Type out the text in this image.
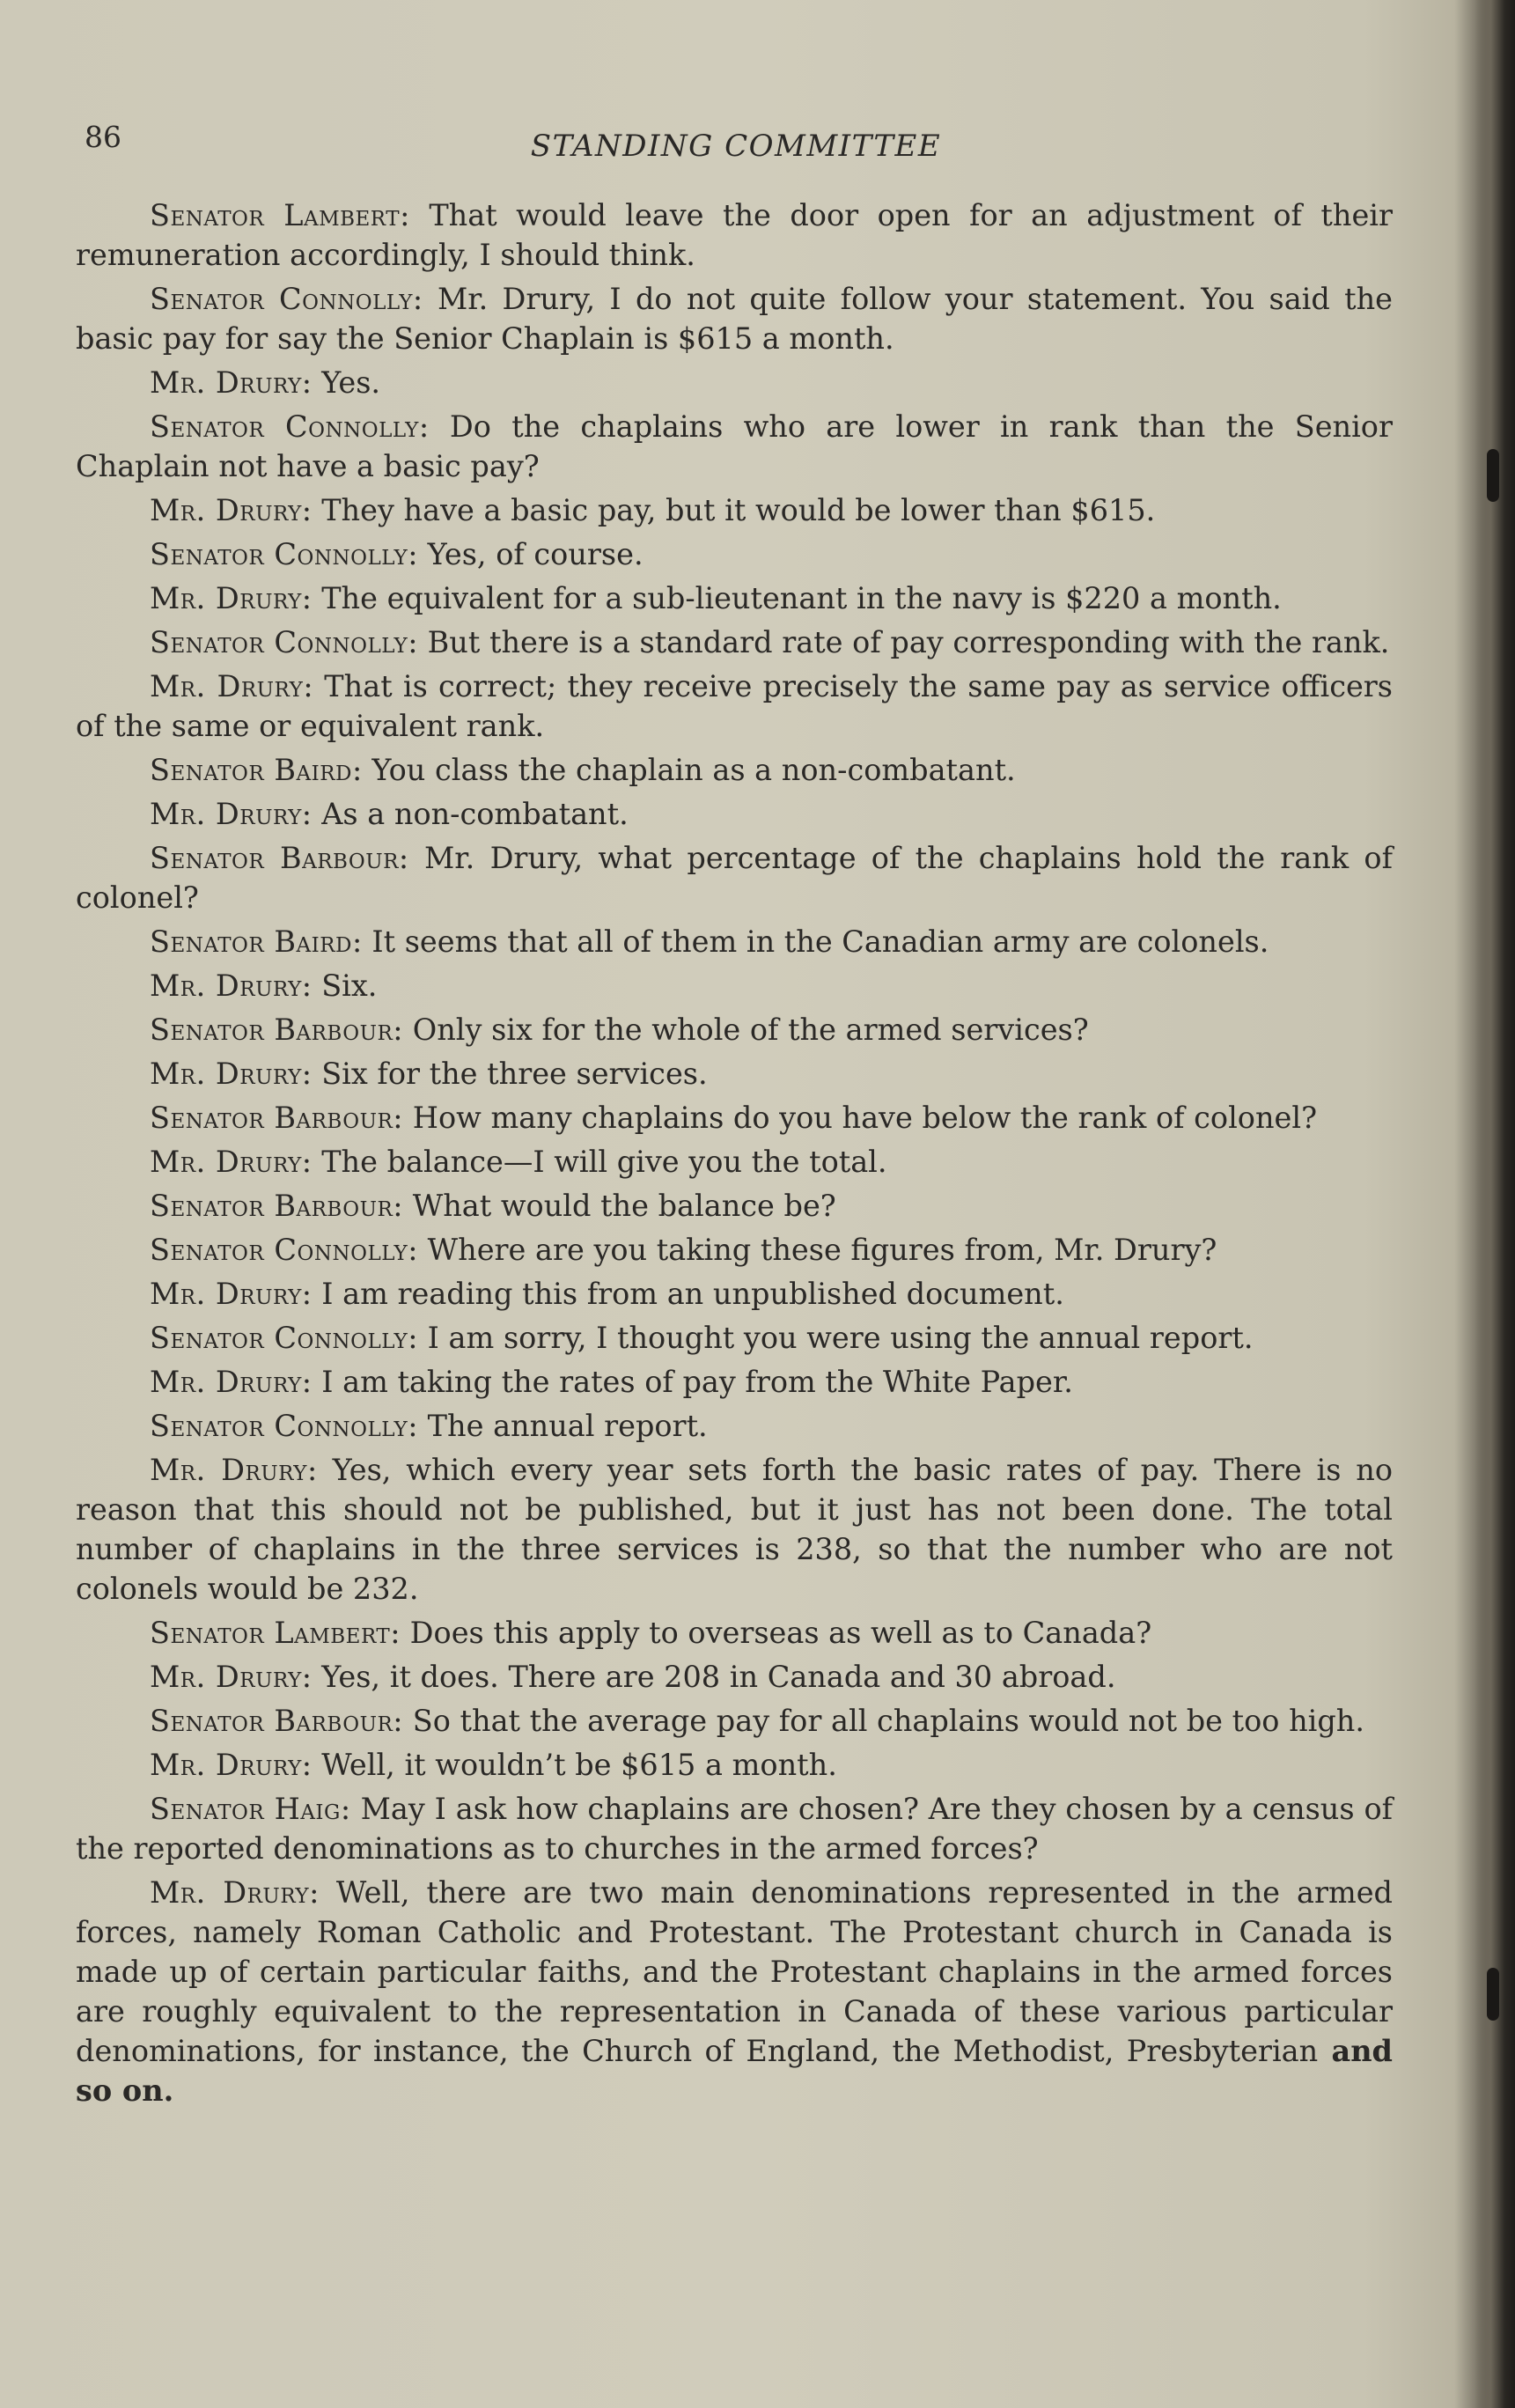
86	STANDING COMMITTEE

Senator Lambert: That would leave the door open for an adjustment of their remuneration accordingly, I should think.

Senator Connolly: Mr. Drury, I do not quite follow your statement. You said the basic pay for say the Senior Chaplain is $615 a month.

Mr. Drury: Yes.

Senator Connolly: Do the chaplains who are lower in rank than the Senior Chaplain not have a basic pay?

Mr. Drury: They have a basic pay, but it would be lower than $615.

Senator Connolly: Yes, of course.

Mr. Drury: The equivalent for a sub-lieutenant in the navy is $220 a month.

Senator Connolly: But there is a standard rate of pay corresponding with the rank.

Mr. Drury: That is correct; they receive precisely the same pay as service officers of the same or equivalent rank.

Senator Baird: You class the chaplain as a non-combatant.

Mr. Drury: As a non-combatant.

Senator Barbour: Mr. Drury, what percentage of the chaplains hold the rank of colonel?

Senator Baird: It seems that all of them in the Canadian army are colonels.

Mr. Drury: Six.

Senator Barbour: Only six for the whole of the armed services?

Mr. Drury: Six for the three services.

Senator Barbour: How many chaplains do you have below the rank of colonel?

Mr. Drury: The balance—I will give you the total.

Senator Barbour: What would the balance be?

Senator Connolly: Where are you taking these figures from, Mr. Drury?

Mr. Drury: I am reading this from an unpublished document.

Senator Connolly: I am sorry, I thought you were using the annual report.

Mr. Drury: I am taking the rates of pay from the White Paper.

Senator Connolly: The annual report.

Mr. Drury: Yes, which every year sets forth the basic rates of pay. There is no reason that this should not be published, but it just has not been done. The total number of chaplains in the three services is 238, so that the number who are not colonels would be 232.

Senator Lambert: Does this apply to overseas as well as to Canada?

Mr. Drury: Yes, it does. There are 208 in Canada and 30 abroad.

Senator Barbour: So that the average pay for all chaplains would not be too high.

Mr. Drury: Well, it wouldn’t be $615 a month.

Senator Haig: May I ask how chaplains are chosen? Are they chosen by a census of the reported denominations as to churches in the armed forces?

Mr. Drury: Well, there are two main denominations represented in the armed forces, namely Roman Catholic and Protestant. The Protestant church in Canada is made up of certain particular faiths, and the Protestant chaplains in the armed forces are roughly equivalent to the representation in Canada of these various particular denominations, for instance, the Church of England, the Methodist, Presbyterian and so on.
